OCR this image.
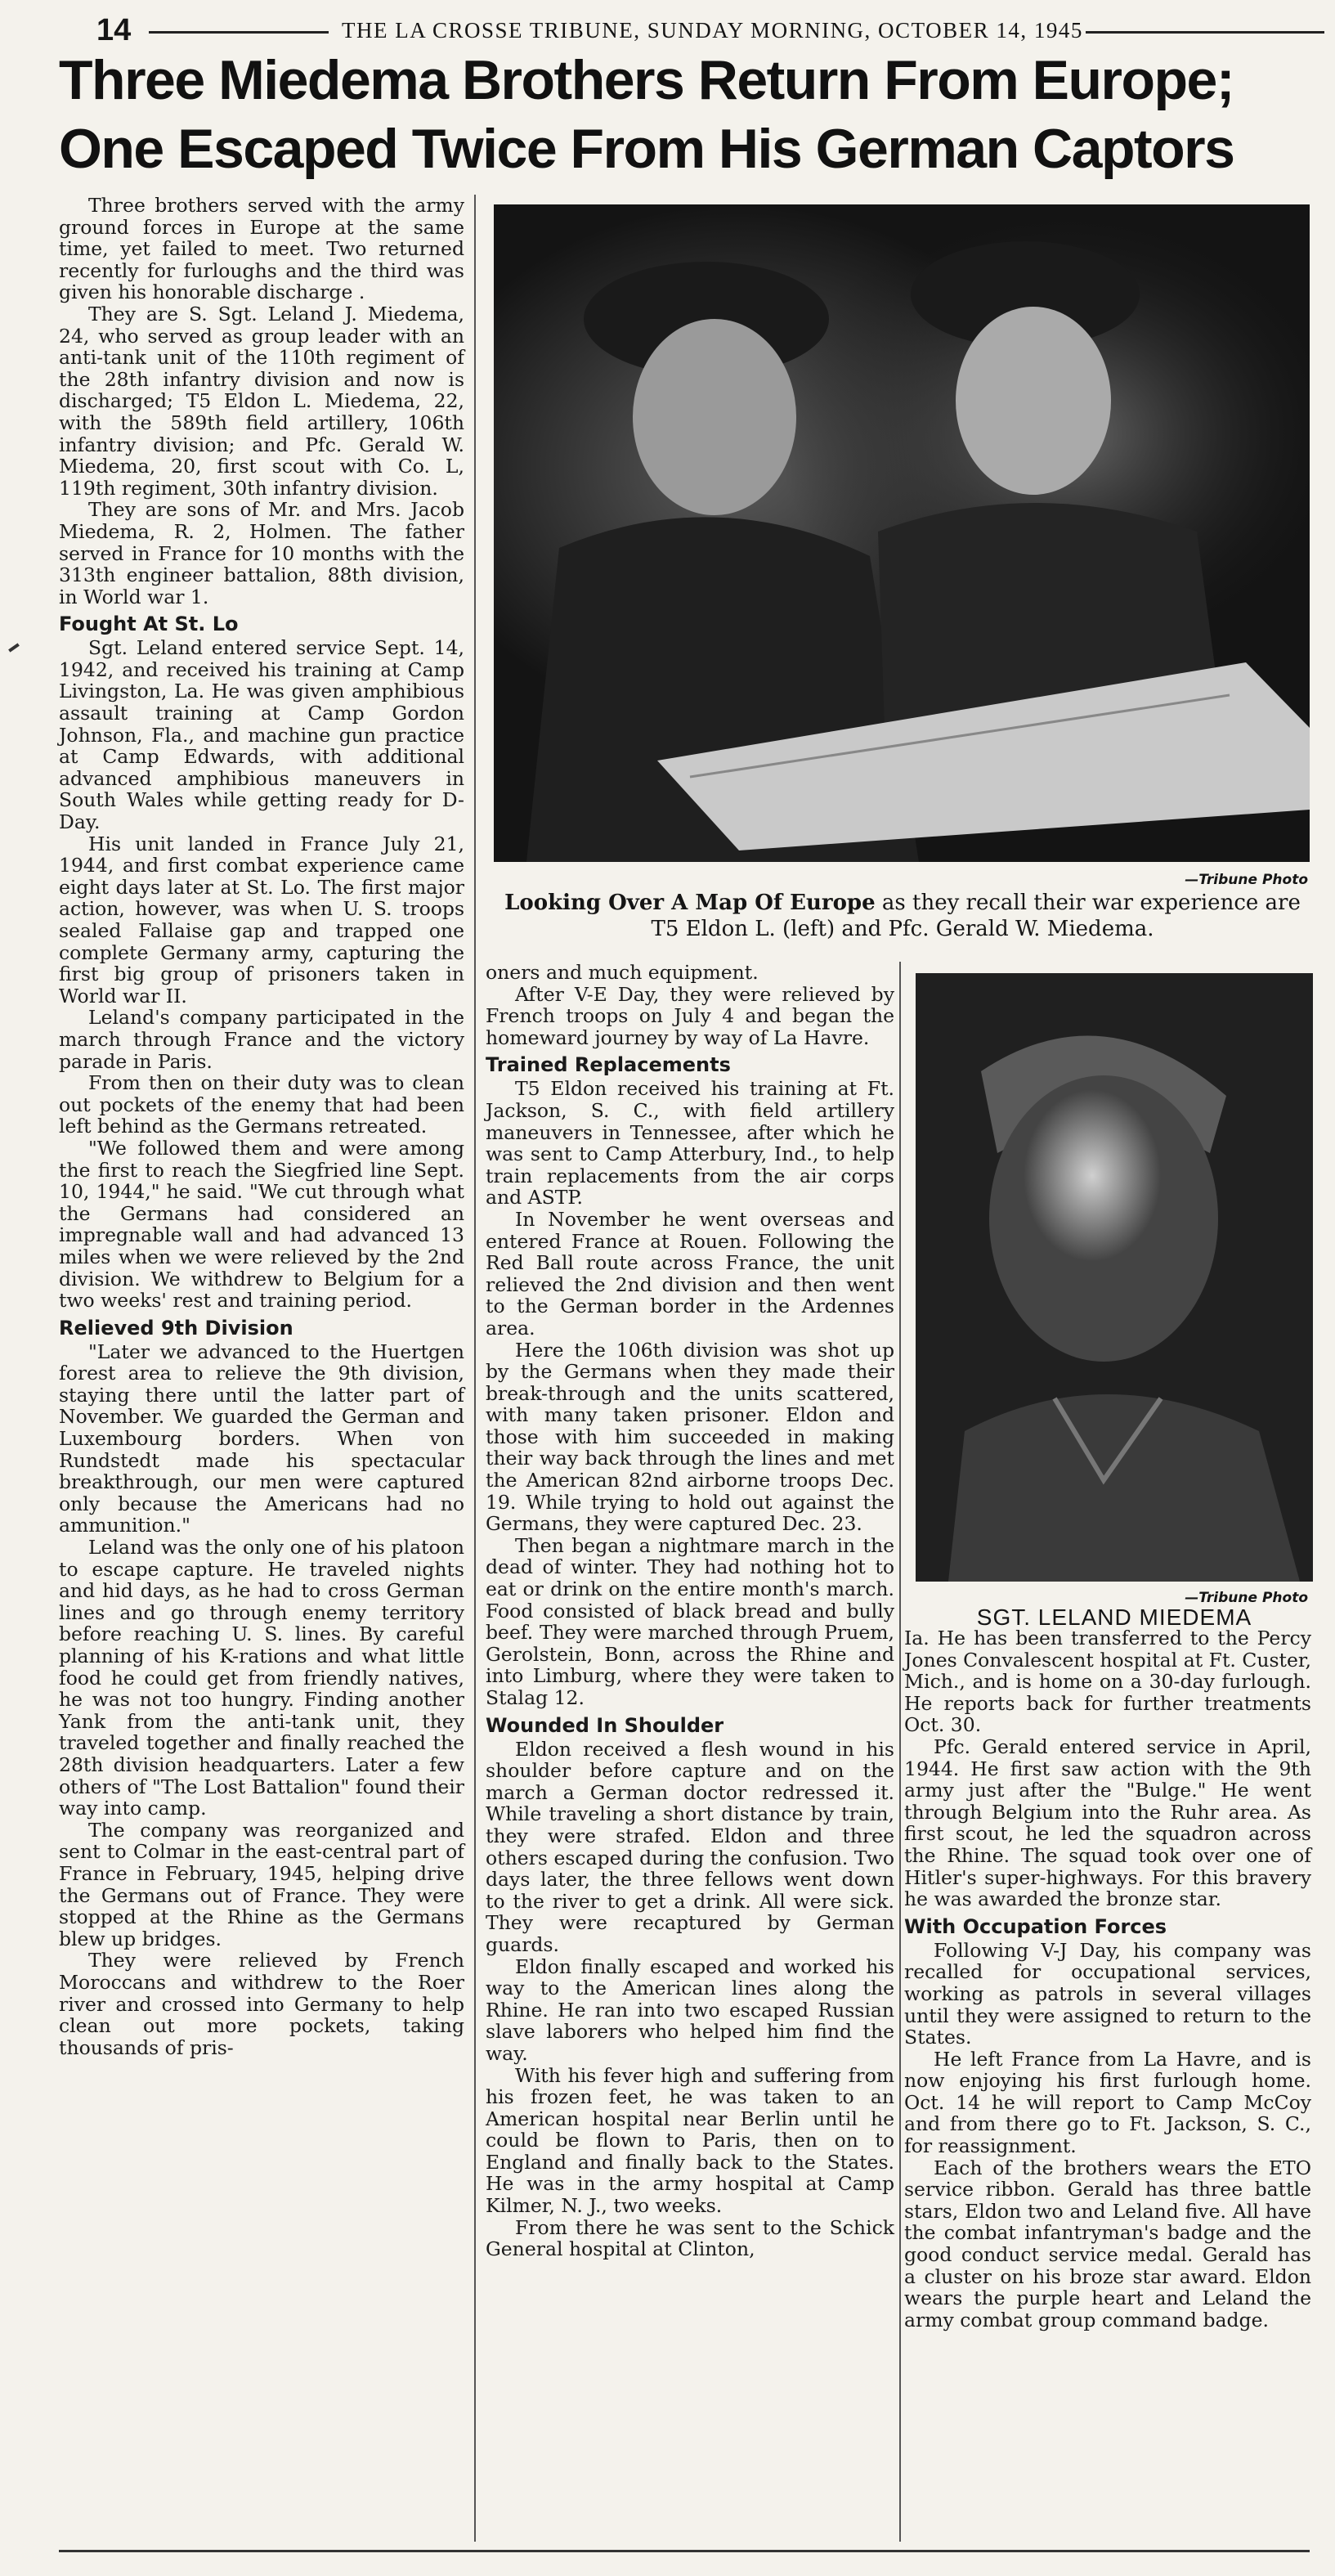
14	THE LA CROSSE TRIBUNE, SUNDAY MORNING, OCTOBER 14, 1945
Three Miedema Brothers Return From Europe;
One Escaped Twice From His German Captors

Three brothers served with the army ground forces in Europe at the same time, yet failed to meet. Two returned recently for furloughs and the third was given his honorable discharge .

They are S. Sgt. Leland J. Miedema, 24, who served as group leader with an anti-tank unit of the 110th regiment of the 28th infantry division and now is discharged; T5 Eldon L. Miedema, 22, with the 589th field artillery, 106th infantry division; and Pfc. Gerald W. Miedema, 20, first scout with Co. L, 119th regiment, 30th infantry division.

They are sons of Mr. and Mrs. Jacob Miedema, R. 2, Holmen. The father served in France for 10 months with the 313th engineer battalion, 88th division, in World war 1.

Fought At St. Lo

Sgt. Leland entered service Sept. 14, 1942, and received his training at Camp Livingston, La. He was given amphibious assault training at Camp Gordon Johnson, Fla., and machine gun practice at Camp Edwards, with additional advanced amphibious maneuvers in South Wales while getting ready for D-Day.

His unit landed in France July 21, 1944, and first combat experience came eight days later at St. Lo. The first major action, however, was when U. S. troops sealed Fallaise gap and trapped one complete Germany army, capturing the first big group of prisoners taken in World war II.

Leland's company participated in the march through France and the victory parade in Paris.

From then on their duty was to clean out pockets of the enemy that had been left behind as the Germans retreated.

"We followed them and were among the first to reach the Siegfried line Sept. 10, 1944," he said. "We cut through what the Germans had considered an impregnable wall and had advanced 13 miles when we were relieved by the 2nd division. We withdrew to Belgium for a two weeks' rest and training period.

Relieved 9th Division

"Later we advanced to the Huertgen forest area to relieve the 9th division, staying there until the latter part of November. We guarded the German and Luxembourg borders. When von Rundstedt made his spectacular breakthrough, our men were captured only because the Americans had no ammunition."

Leland was the only one of his platoon to escape capture. He traveled nights and hid days, as he had to cross German lines and go through enemy territory before reaching U. S. lines. By careful planning of his K-rations and what little food he could get from friendly natives, he was not too hungry. Finding another Yank from the anti-tank unit, they traveled together and finally reached the 28th division headquarters. Later a few others of "The Lost Battalion" found their way into camp.

The company was reorganized and sent to Colmar in the east-central part of France in February, 1945, helping drive the Germans out of France. They were stopped at the Rhine as the Germans blew up bridges.

They were relieved by French Moroccans and withdrew to the Roer river and crossed into Germany to help clean out more pockets, taking thousands of pris-

—Tribune Photo
Looking Over A Map Of Europe as they recall their war experience are T5 Eldon L. (left) and Pfc. Gerald W. Miedema.

oners and much equipment.

After V-E Day, they were relieved by French troops on July 4 and began the homeward journey by way of La Havre.

Trained Replacements

T5 Eldon received his training at Ft. Jackson, S. C., with field artillery maneuvers in Tennessee, after which he was sent to Camp Atterbury, Ind., to help train replacements from the air corps and ASTP.

In November he went overseas and entered France at Rouen. Following the Red Ball route across France, the unit relieved the 2nd division and then went to the German border in the Ardennes area.

Here the 106th division was shot up by the Germans when they made their break-through and the units scattered, with many taken prisoner. Eldon and those with him succeeded in making their way back through the lines and met the American 82nd airborne troops Dec. 19. While trying to hold out against the Germans, they were captured Dec. 23.

Then began a nightmare march in the dead of winter. They had nothing hot to eat or drink on the entire month's march. Food consisted of black bread and bully beef. They were marched through Pruem, Gerolstein, Bonn, across the Rhine and into Limburg, where they were taken to Stalag 12.

Wounded In Shoulder

Eldon received a flesh wound in his shoulder before capture and on the march a German doctor redressed it. While traveling a short distance by train, they were strafed. Eldon and three others escaped during the confusion. Two days later, the three fellows went down to the river to get a drink. All were sick. They were recaptured by German guards.

Eldon finally escaped and worked his way to the American lines along the Rhine. He ran into two escaped Russian slave laborers who helped him find the way.

With his fever high and suffering from his frozen feet, he was taken to an American hospital near Berlin until he could be flown to Paris, then on to England and finally back to the States. He was in the army hospital at Camp Kilmer, N. J., two weeks.

From there he was sent to the Schick General hospital at Clinton,

—Tribune Photo
SGT. LELAND MIEDEMA

Ia. He has been transferred to the Percy Jones Convalescent hospital at Ft. Custer, Mich., and is home on a 30-day furlough. He reports back for further treatments Oct. 30.

Pfc. Gerald entered service in April, 1944. He first saw action with the 9th army just after the "Bulge." He went through Belgium into the Ruhr area. As first scout, he led the squadron across the Rhine. The squad took over one of Hitler's super-highways. For this bravery he was awarded the bronze star.

With Occupation Forces

Following V-J Day, his company was recalled for occupational services, working as patrols in several villages until they were assigned to return to the States.

He left France from La Havre, and is now enjoying his first furlough home. Oct. 14 he will report to Camp McCoy and from there go to Ft. Jackson, S. C., for reassignment.

Each of the brothers wears the ETO service ribbon. Gerald has three battle stars, Eldon two and Leland five. All have the combat infantryman's badge and the good conduct service medal. Gerald has a cluster on his broze star award. Eldon wears the purple heart and Leland the army combat group command badge.
